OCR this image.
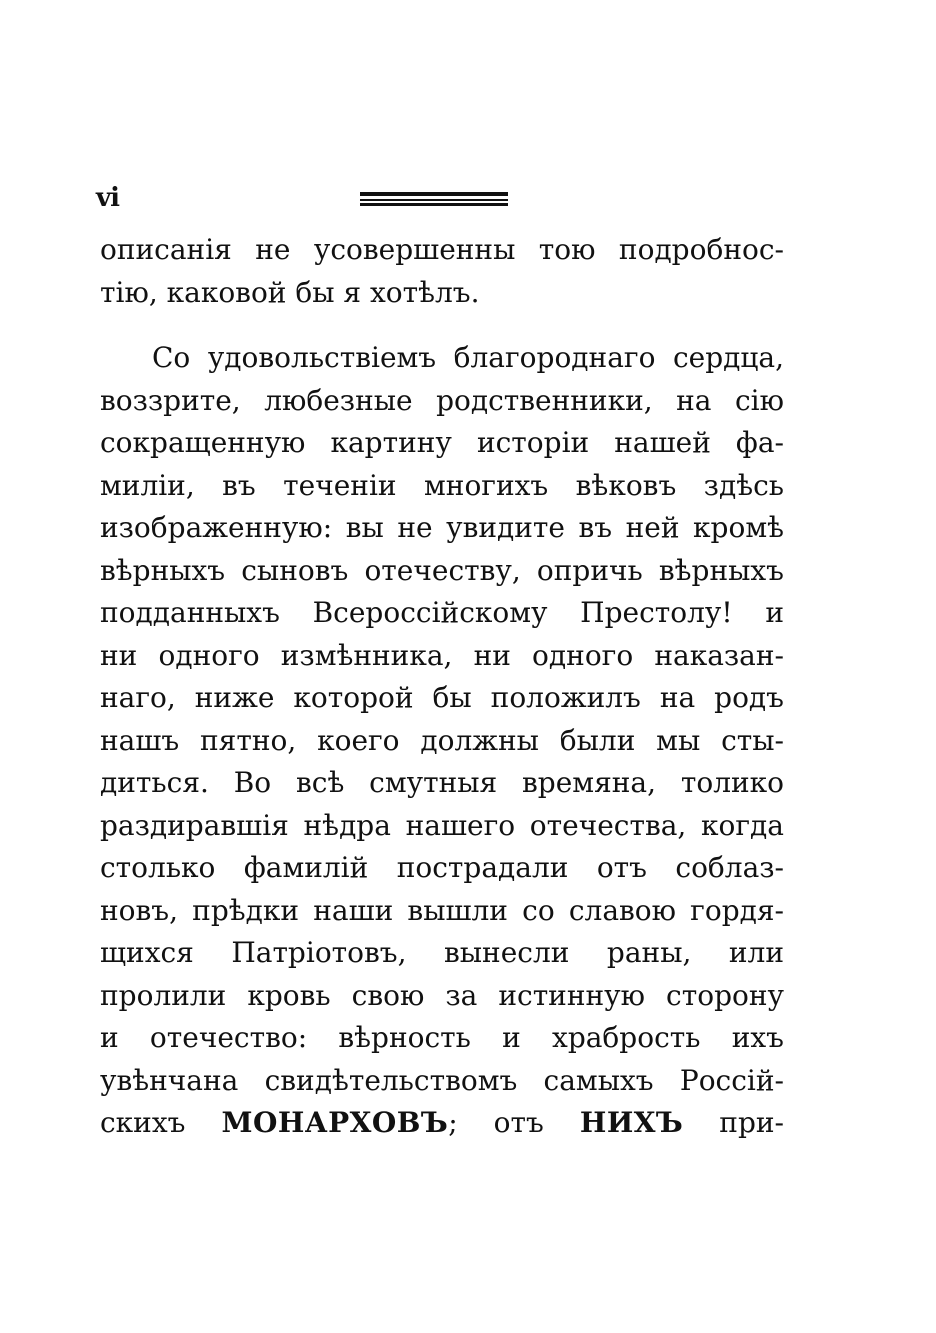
vi
описанія не усовершенны тою подробнос-
тію, каковой бы я хотѣлъ.
Со удовольствіемъ благороднаго сердца,
воззрите, любезные родственники, на сію
сокращенную картину исторіи нашей фа-
миліи, въ теченіи многихъ вѣковъ здѣсь
изображенную: вы не увидите въ ней кромѣ
вѣрныхъ сыновъ отечеству, опричь вѣрныхъ
подданныхъ Всероссійскому Престолу! и
ни одного измѣнника, ни одного наказан-
наго, ниже которой бы положилъ на родъ
нашъ пятно, коего должны были мы сты-
диться. Во всѣ смутныя времяна, толико
раздиравшія нѣдра нашего отечества, когда
столько фамилій пострадали отъ соблаз-
новъ, прѣдки наши вышли со славою гордя-
щихся Патріотовъ, вынесли раны, или
пролили кровь свою за истинную сторону
и отечество: вѣрность и храбрость ихъ
увѣнчана свидѣтельствомъ самыхъ Россій-
скихъ МОНАРХОВЪ; отъ НИХЪ при-
